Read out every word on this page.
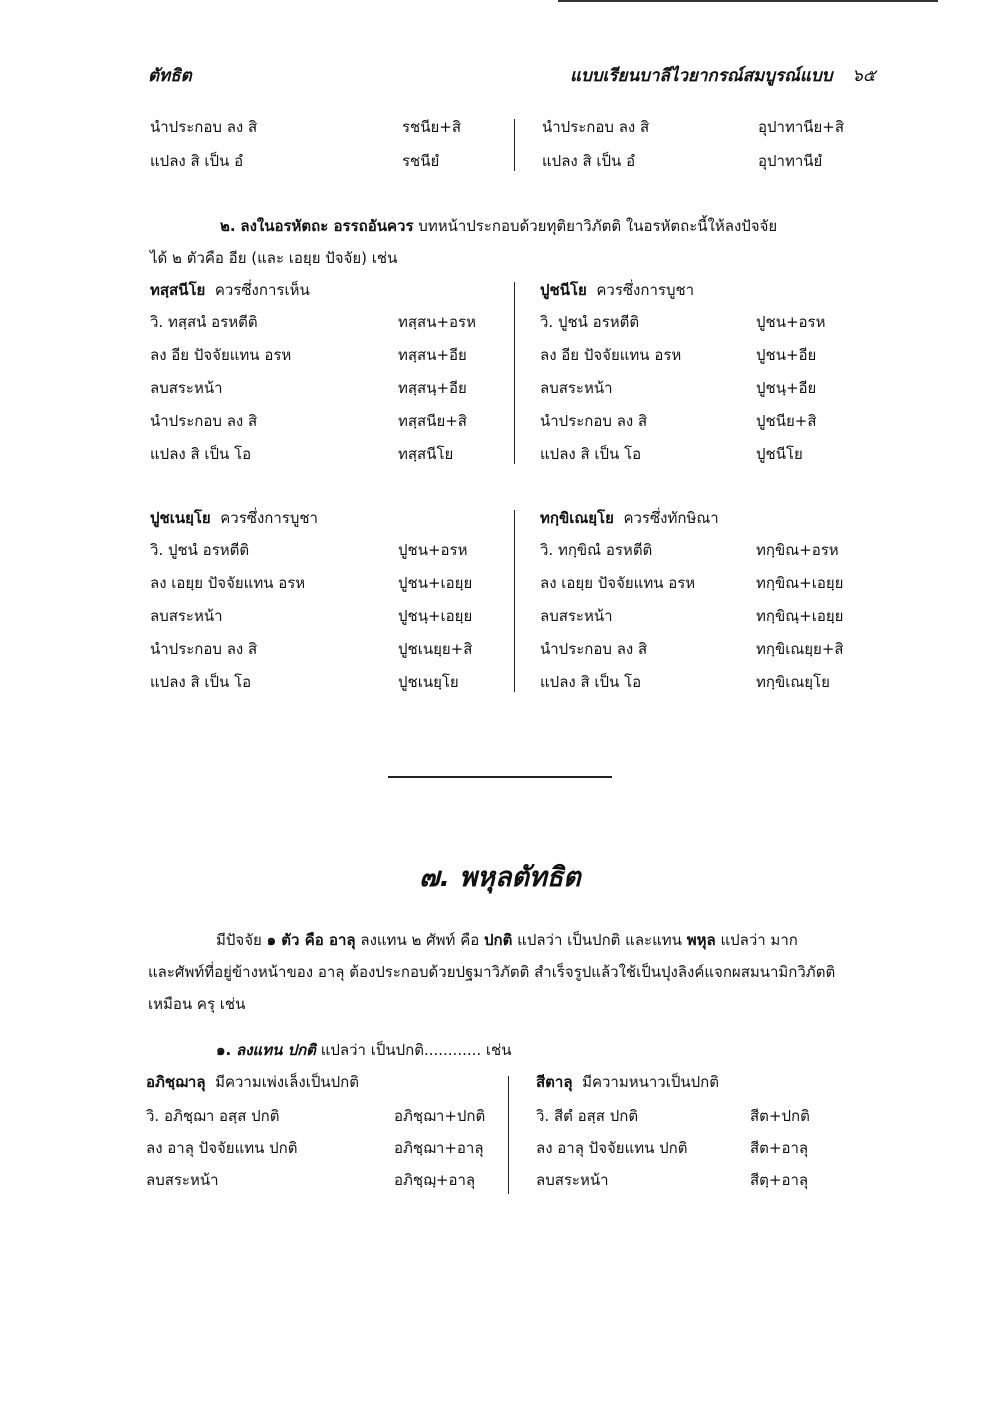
ตัทธิต	แบบเรียนบาลีไวยากรณ์สมบูรณ์แบบ ๖๕
นำประกอบ ลง สิ	รชนีย+สิ	นำประกอบ ลง สิ	อุปาทานีย+สิ
แปลง สิ เป็น อํ	รชนียํ	แปลง สิ เป็น อํ	อุปาทานียํ
๒. ลงในอรหัตถะ อรรถอันควร บทหน้าประกอบด้วยทุติยาวิภัตติ ในอรหัตถะนี้ให้ลงปัจจัย
ได้ ๒ ตัวคือ อีย (และ เอยฺย ปัจจัย) เช่น
ทสฺสนีโย ควรซึ่งการเห็น	ปูชนีโย ควรซึ่งการบูชา
วิ. ทสฺสนํ อรหตีติ	ทสฺสน+อรห	วิ. ปูชนํ อรหตีติ	ปูชน+อรห
ลง อีย ปัจจัยแทน อรห	ทสฺสน+อีย	ลง อีย ปัจจัยแทน อรห	ปูชน+อีย
ลบสระหน้า	ทสฺสนฺ+อีย	ลบสระหน้า	ปูชนฺ+อีย
นำประกอบ ลง สิ	ทสฺสนีย+สิ	นำประกอบ ลง สิ	ปูชนีย+สิ
แปลง สิ เป็น โอ	ทสฺสนีโย	แปลง สิ เป็น โอ	ปูชนีโย
ปูชเนยฺโย ควรซึ่งการบูชา	ทกฺขิเณยฺโย ควรซึ่งทักษิณา
วิ. ปูชนํ อรหตีติ	ปูชน+อรห	วิ. ทกฺขิณํ อรหตีติ	ทกฺขิณ+อรห
ลง เอยฺย ปัจจัยแทน อรห	ปูชน+เอยฺย	ลง เอยฺย ปัจจัยแทน อรห	ทกฺขิณ+เอยฺย
ลบสระหน้า	ปูชนฺ+เอยฺย	ลบสระหน้า	ทกฺขิณฺ+เอยฺย
นำประกอบ ลง สิ	ปูชเนยฺย+สิ	นำประกอบ ลง สิ	ทกฺขิเณยฺย+สิ
แปลง สิ เป็น โอ	ปูชเนยฺโย	แปลง สิ เป็น โอ	ทกฺขิเณยฺโย
๗. พหุลตัทธิต
มีปัจจัย ๑ ตัว คือ อาลุ ลงแทน ๒ ศัพท์ คือ ปกติ แปลว่า เป็นปกติ และแทน พหุล แปลว่า มาก
และศัพท์ที่อยู่ข้างหน้าของ อาลุ ต้องประกอบด้วยปฐมาวิภัตติ สำเร็จรูปแล้วใช้เป็นปุงลิงค์แจกผสมนามิกวิภัตติ
เหมือน ครุ เช่น
๑. ลงแทน ปกติ แปลว่า เป็นปกติ............ เช่น
อภิชฺฌาลุ มีความเพ่งเล็งเป็นปกติ	สีตาลุ มีความหนาวเป็นปกติ
วิ. อภิชฺฌา อสฺส ปกติ	อภิชฺฌา+ปกติ	วิ. สีตํ อสฺส ปกติ	สีต+ปกติ
ลง อาลุ ปัจจัยแทน ปกติ	อภิชฺฌา+อาลุ	ลง อาลุ ปัจจัยแทน ปกติ	สีต+อาลุ
ลบสระหน้า	อภิชฺฌฺ+อาลุ	ลบสระหน้า	สีตฺ+อาลุ
